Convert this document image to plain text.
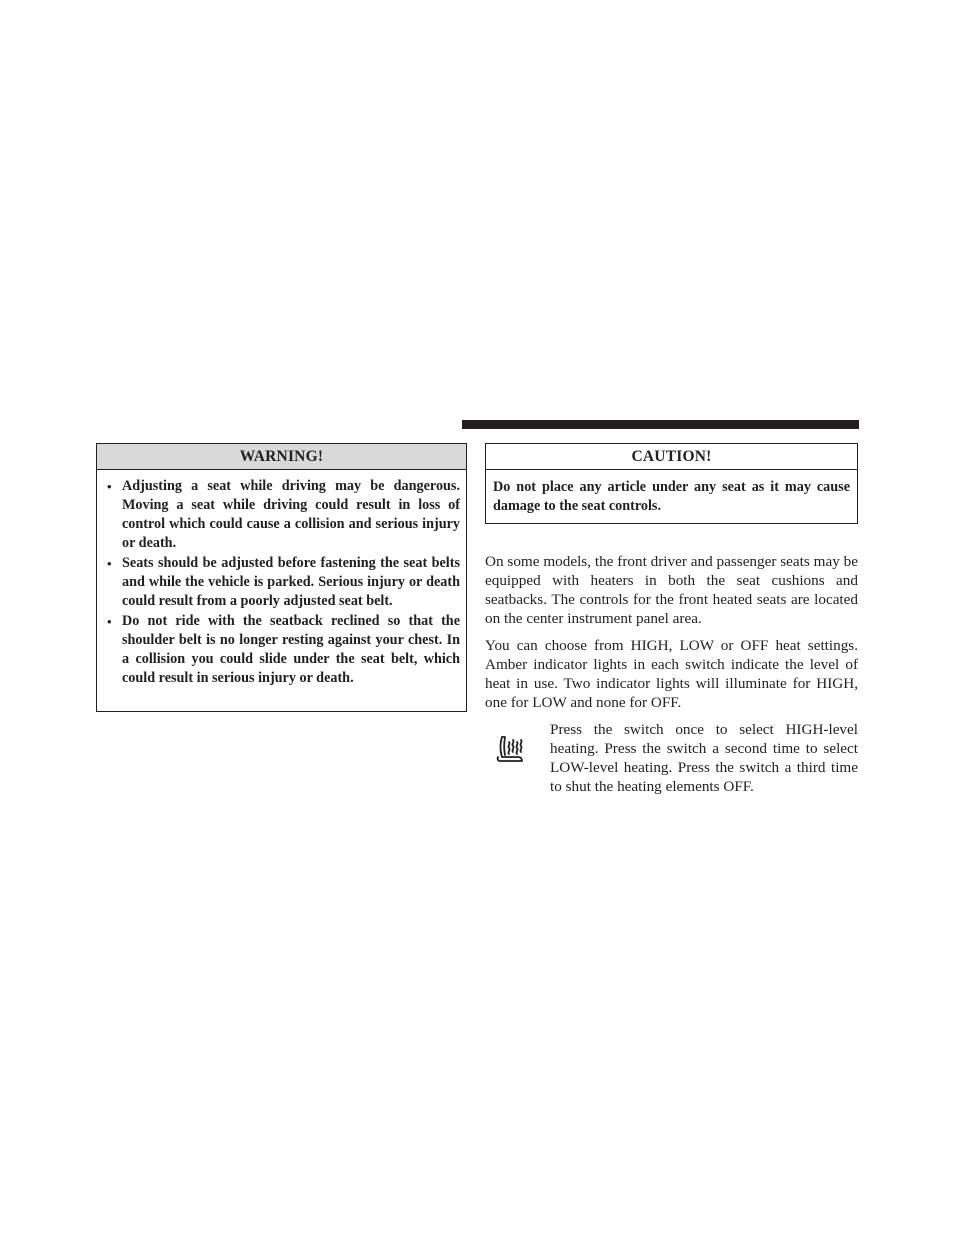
WARNING!
• Adjusting a seat while driving may be dangerous. Moving a seat while driving could result in loss of control which could cause a collision and serious injury or death.
• Seats should be adjusted before fastening the seat belts and while the vehicle is parked. Serious injury or death could result from a poorly adjusted seat belt.
• Do not ride with the seatback reclined so that the shoulder belt is no longer resting against your chest. In a collision you could slide under the seat belt, which could result in serious injury or death.
CAUTION!
Do not place any article under any seat as it may cause damage to the seat controls.

On some models, the front driver and passenger seats may be equipped with heaters in both the seat cushions and seatbacks. The controls for the front heated seats are located on the center instrument panel area.

You can choose from HIGH, LOW or OFF heat settings. Amber indicator lights in each switch indicate the level of heat in use. Two indicator lights will illuminate for HIGH, one for LOW and none for OFF.

Press the switch once to select HIGH-level heating. Press the switch a second time to select LOW-level heating. Press the switch a third time to shut the heating elements OFF.
